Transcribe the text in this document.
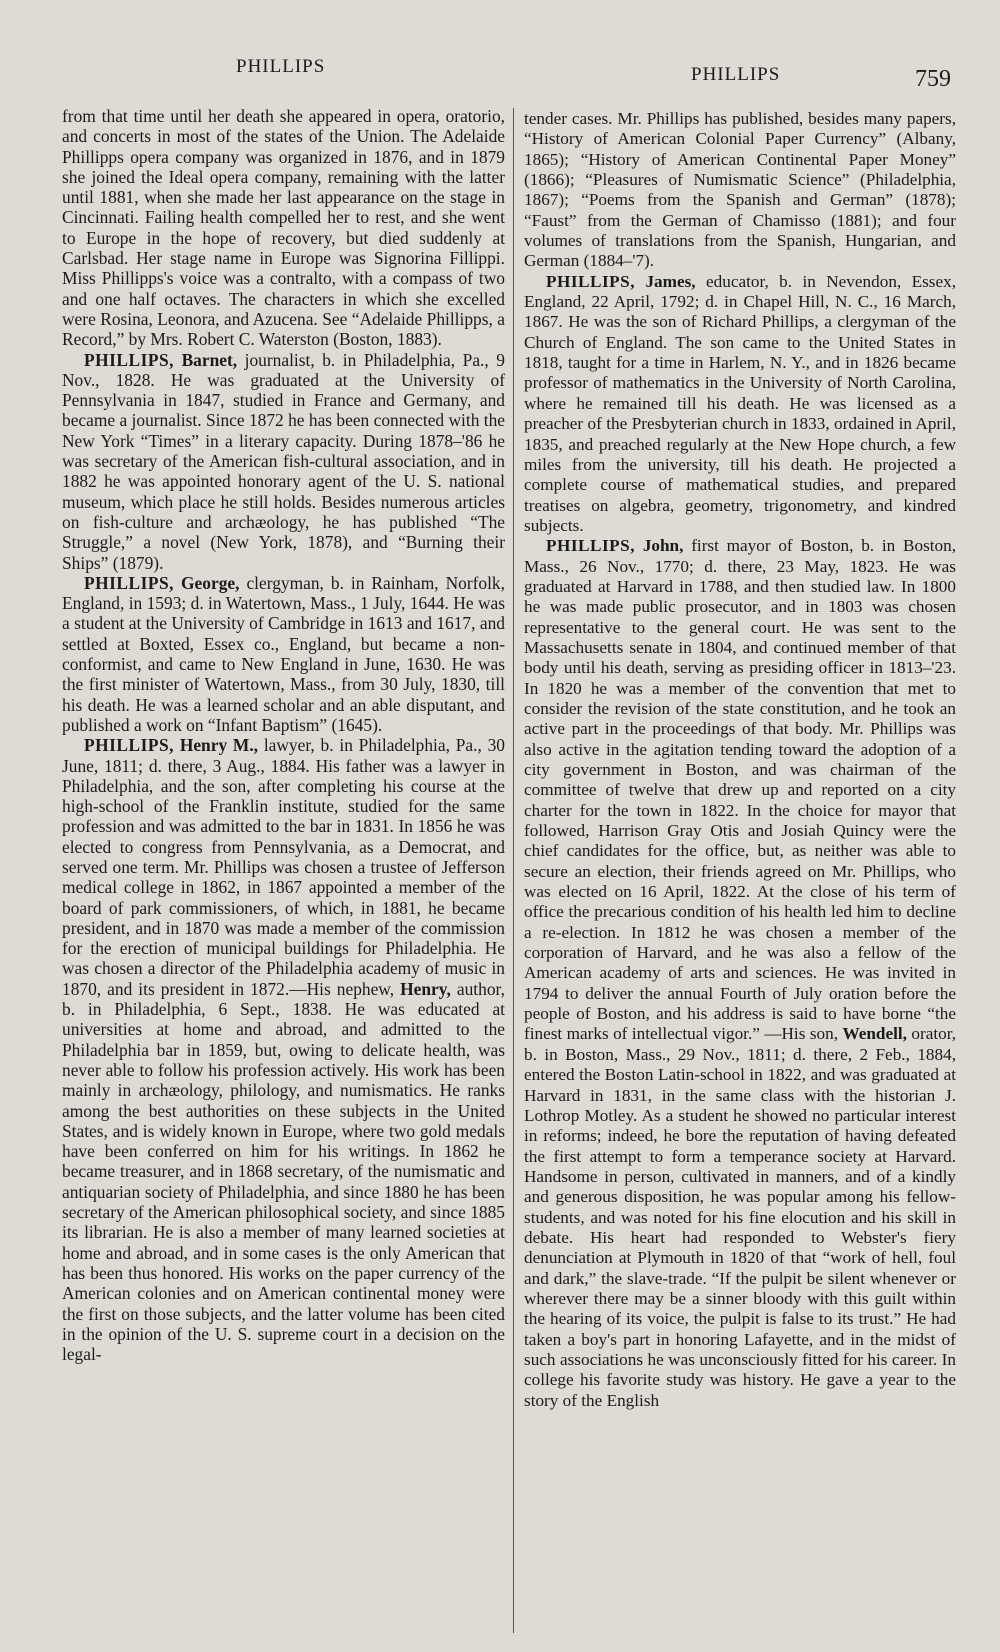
PHILLIPS	PHILLIPS	759

from that time until her death she appeared in opera, oratorio, and concerts in most of the states of the Union. The Adelaide Phillipps opera company was organized in 1876, and in 1879 she joined the Ideal opera company, remaining with the latter until 1881, when she made her last appearance on the stage in Cincinnati. Failing health compelled her to rest, and she went to Europe in the hope of recovery, but died suddenly at Carlsbad. Her stage name in Europe was Signorina Fillippi. Miss Phillipps's voice was a contralto, with a compass of two and one half octaves. The characters in which she excelled were Rosina, Leonora, and Azucena. See “Adelaide Phillipps, a Record,” by Mrs. Robert C. Waterston (Boston, 1883).

PHILLIPS, Barnet, journalist, b. in Philadelphia, Pa., 9 Nov., 1828. He was graduated at the University of Pennsylvania in 1847, studied in France and Germany, and became a journalist. Since 1872 he has been connected with the New York “Times” in a literary capacity. During 1878–'86 he was secretary of the American fish-cultural association, and in 1882 he was appointed honorary agent of the U. S. national museum, which place he still holds. Besides numerous articles on fish-culture and archæology, he has published “The Struggle,” a novel (New York, 1878), and “Burning their Ships” (1879).

PHILLIPS, George, clergyman, b. in Rainham, Norfolk, England, in 1593; d. in Watertown, Mass., 1 July, 1644. He was a student at the University of Cambridge in 1613 and 1617, and settled at Boxted, Essex co., England, but became a non-conformist, and came to New England in June, 1630. He was the first minister of Watertown, Mass., from 30 July, 1830, till his death. He was a learned scholar and an able disputant, and published a work on “Infant Baptism” (1645).

PHILLIPS, Henry M., lawyer, b. in Philadelphia, Pa., 30 June, 1811; d. there, 3 Aug., 1884. His father was a lawyer in Philadelphia, and the son, after completing his course at the high-school of the Franklin institute, studied for the same profession and was admitted to the bar in 1831. In 1856 he was elected to congress from Pennsylvania, as a Democrat, and served one term. Mr. Phillips was chosen a trustee of Jefferson medical college in 1862, in 1867 appointed a member of the board of park commissioners, of which, in 1881, he became president, and in 1870 was made a member of the commission for the erection of municipal buildings for Philadelphia. He was chosen a director of the Philadelphia academy of music in 1870, and its president in 1872.—His nephew, Henry, author, b. in Philadelphia, 6 Sept., 1838. He was educated at universities at home and abroad, and admitted to the Philadelphia bar in 1859, but, owing to delicate health, was never able to follow his profession actively. His work has been mainly in archæology, philology, and numismatics. He ranks among the best authorities on these subjects in the United States, and is widely known in Europe, where two gold medals have been conferred on him for his writings. In 1862 he became treasurer, and in 1868 secretary, of the numismatic and antiquarian society of Philadelphia, and since 1880 he has been secretary of the American philosophical society, and since 1885 its librarian. He is also a member of many learned societies at home and abroad, and in some cases is the only American that has been thus honored. His works on the paper currency of the American colonies and on American continental money were the first on those subjects, and the latter volume has been cited in the opinion of the U. S. supreme court in a decision on the legal-

tender cases. Mr. Phillips has published, besides many papers, “History of American Colonial Paper Currency” (Albany, 1865); “History of American Continental Paper Money” (1866); “Pleasures of Numismatic Science” (Philadelphia, 1867); “Poems from the Spanish and German” (1878); “Faust” from the German of Chamisso (1881); and four volumes of translations from the Spanish, Hungarian, and German (1884–'7).

PHILLIPS, James, educator, b. in Nevendon, Essex, England, 22 April, 1792; d. in Chapel Hill, N. C., 16 March, 1867. He was the son of Richard Phillips, a clergyman of the Church of England. The son came to the United States in 1818, taught for a time in Harlem, N. Y., and in 1826 became professor of mathematics in the University of North Carolina, where he remained till his death. He was licensed as a preacher of the Presbyterian church in 1833, ordained in April, 1835, and preached regularly at the New Hope church, a few miles from the university, till his death. He projected a complete course of mathematical studies, and prepared treatises on algebra, geometry, trigonometry, and kindred subjects.

PHILLIPS, John, first mayor of Boston, b. in Boston, Mass., 26 Nov., 1770; d. there, 23 May, 1823. He was graduated at Harvard in 1788, and then studied law. In 1800 he was made public prosecutor, and in 1803 was chosen representative to the general court. He was sent to the Massachusetts senate in 1804, and continued member of that body until his death, serving as presiding officer in 1813–'23. In 1820 he was a member of the convention that met to consider the revision of the state constitution, and he took an active part in the proceedings of that body. Mr. Phillips was also active in the agitation tending toward the adoption of a city government in Boston, and was chairman of the committee of twelve that drew up and reported on a city charter for the town in 1822. In the choice for mayor that followed, Harrison Gray Otis and Josiah Quincy were the chief candidates for the office, but, as neither was able to secure an election, their friends agreed on Mr. Phillips, who was elected on 16 April, 1822. At the close of his term of office the precarious condition of his health led him to decline a re-election. In 1812 he was chosen a member of the corporation of Harvard, and he was also a fellow of the American academy of arts and sciences. He was invited in 1794 to deliver the annual Fourth of July oration before the people of Boston, and his address is said to have borne “the finest marks of intellectual vigor.” —His son, Wendell, orator, b. in Boston, Mass., 29 Nov., 1811; d. there, 2 Feb., 1884, entered the Boston Latin-school in 1822, and was graduated at Harvard in 1831, in the same class with the historian J. Lothrop Motley. As a student he showed no particular interest in reforms; indeed, he bore the reputation of having defeated the first attempt to form a temperance society at Harvard. Handsome in person, cultivated in manners, and of a kindly and generous disposition, he was popular among his fellow-students, and was noted for his fine elocution and his skill in debate. His heart had responded to Webster's fiery denunciation at Plymouth in 1820 of that “work of hell, foul and dark,” the slave-trade. “If the pulpit be silent whenever or wherever there may be a sinner bloody with this guilt within the hearing of its voice, the pulpit is false to its trust.” He had taken a boy's part in honoring Lafayette, and in the midst of such associations he was unconsciously fitted for his career. In college his favorite study was history. He gave a year to the story of the English
